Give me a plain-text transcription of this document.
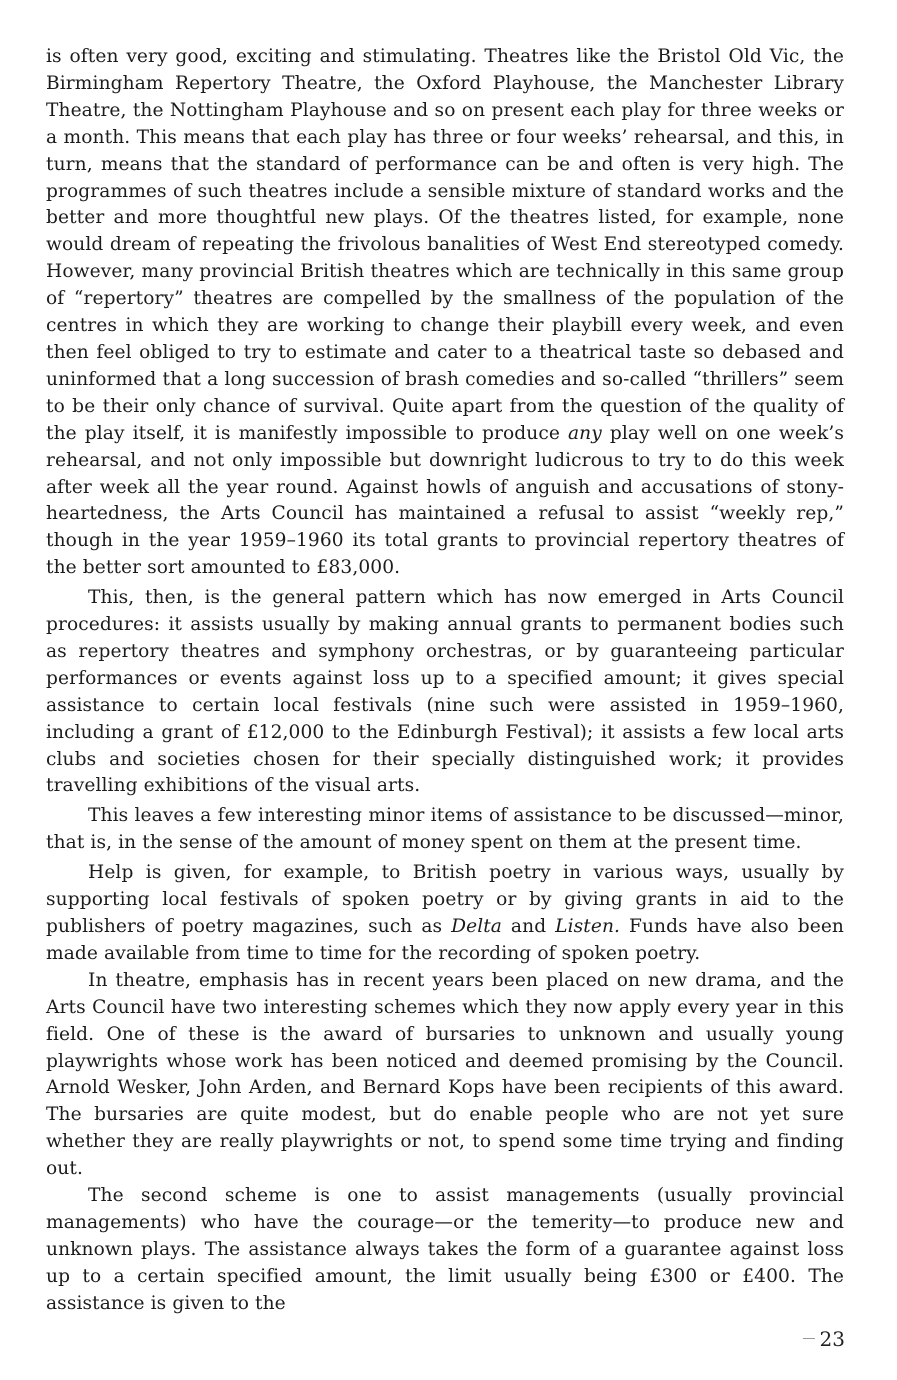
is often very good, exciting and stimulating. Theatres like the Bristol Old Vic, the Birmingham Repertory Theatre, the Oxford Playhouse, the Manchester Library Theatre, the Nottingham Playhouse and so on present each play for three weeks or a month. This means that each play has three or four weeks’ rehearsal, and this, in turn, means that the standard of performance can be and often is very high. The programmes of such theatres include a sensible mixture of standard works and the better and more thoughtful new plays. Of the theatres listed, for example, none would dream of repeating the frivolous banalities of West End stereotyped comedy. However, many provincial British theatres which are technically in this same group of “repertory” theatres are compelled by the smallness of the population of the centres in which they are working to change their playbill every week, and even then feel obliged to try to estimate and cater to a theatrical taste so debased and uninformed that a long succession of brash comedies and so-called “thrillers” seem to be their only chance of survival. Quite apart from the question of the quality of the play itself, it is manifestly impossible to produce any play well on one week’s rehearsal, and not only impossible but downright ludicrous to try to do this week after week all the year round. Against howls of anguish and accusations of stony-heartedness, the Arts Council has maintained a refusal to assist “weekly rep,” though in the year 1959–1960 its total grants to provincial repertory theatres of the better sort amounted to £83,000.

This, then, is the general pattern which has now emerged in Arts Council procedures: it assists usually by making annual grants to permanent bodies such as repertory theatres and symphony orchestras, or by guaranteeing particular performances or events against loss up to a specified amount; it gives special assistance to certain local festivals (nine such were assisted in 1959–1960, including a grant of £12,000 to the Edinburgh Festival); it assists a few local arts clubs and societies chosen for their specially distinguished work; it provides travelling exhibitions of the visual arts.

This leaves a few interesting minor items of assistance to be discussed—minor, that is, in the sense of the amount of money spent on them at the present time.

Help is given, for example, to British poetry in various ways, usually by supporting local festivals of spoken poetry or by giving grants in aid to the publishers of poetry magazines, such as Delta and Listen. Funds have also been made available from time to time for the recording of spoken poetry.

In theatre, emphasis has in recent years been placed on new drama, and the Arts Council have two interesting schemes which they now apply every year in this field. One of these is the award of bursaries to unknown and usually young playwrights whose work has been noticed and deemed promising by the Council. Arnold Wesker, John Arden, and Bernard Kops have been recipients of this award. The bursaries are quite modest, but do enable people who are not yet sure whether they are really playwrights or not, to spend some time trying and finding out.

The second scheme is one to assist managements (usually provincial managements) who have the courage—or the temerity—to produce new and unknown plays. The assistance always takes the form of a guarantee against loss up to a certain specified amount, the limit usually being £300 or £400. The assistance is given to the

23
